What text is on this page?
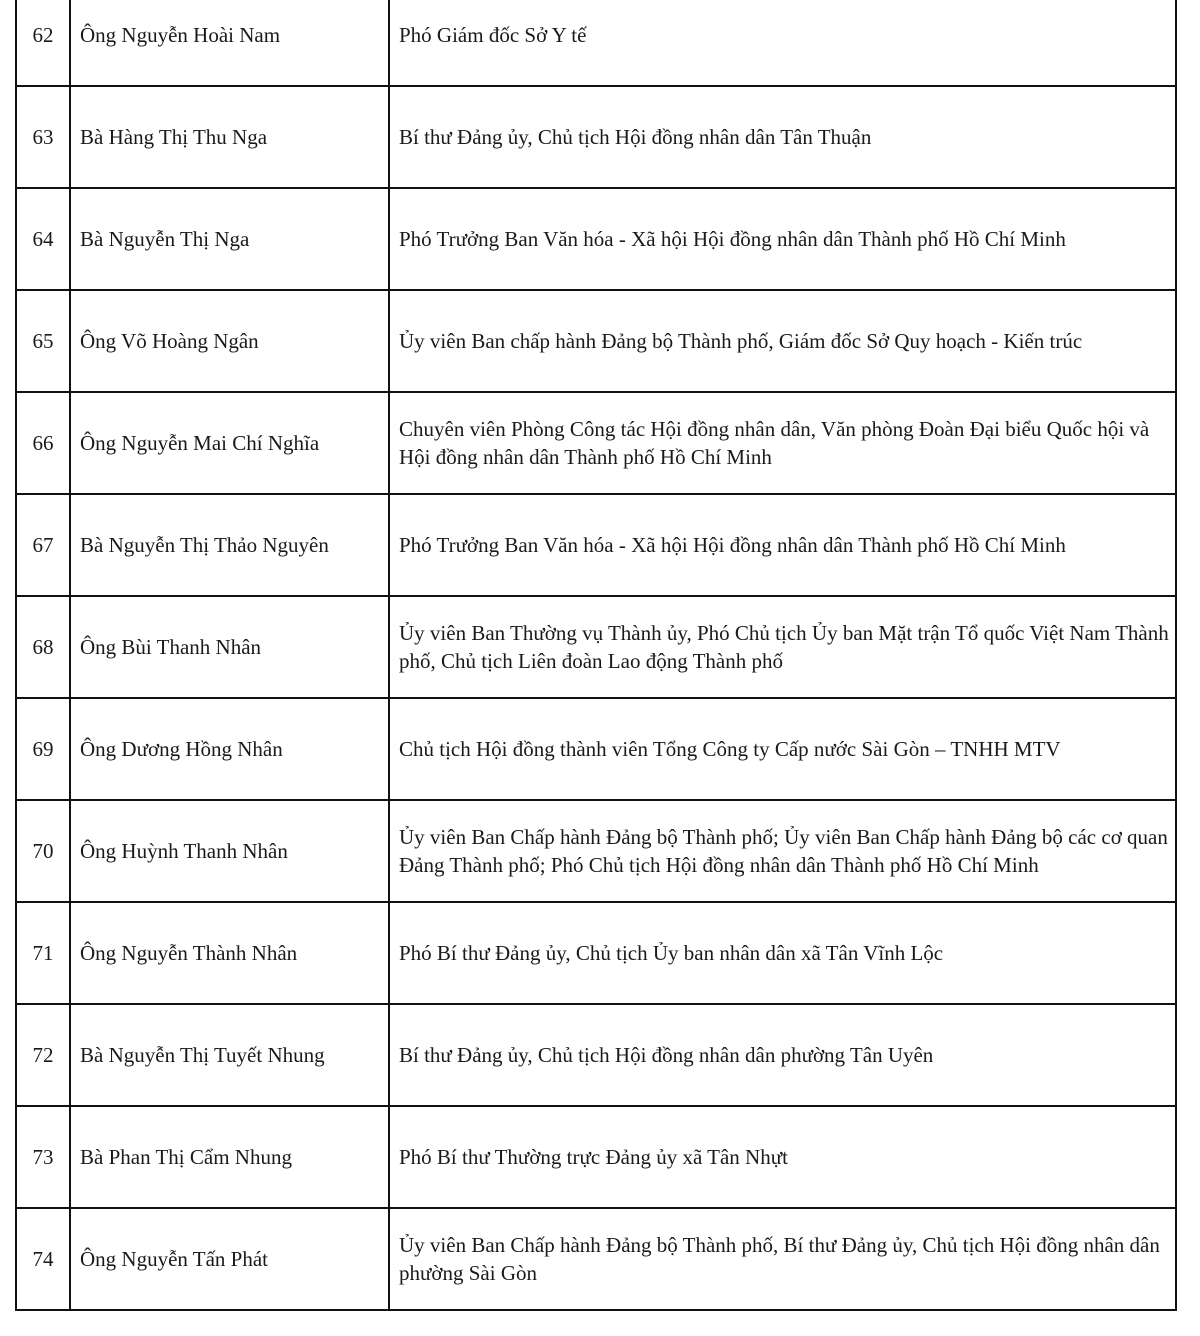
62	Ông Nguyễn Hoài Nam	Phó Giám đốc Sở Y tế
63	Bà Hàng Thị Thu Nga	Bí thư Đảng ủy, Chủ tịch Hội đồng nhân dân Tân Thuận
64	Bà Nguyễn Thị Nga	Phó Trưởng Ban Văn hóa - Xã hội Hội đồng nhân dân Thành phố Hồ Chí Minh
65	Ông Võ Hoàng Ngân	Ủy viên Ban chấp hành Đảng bộ Thành phố, Giám đốc Sở Quy hoạch - Kiến trúc
66	Ông Nguyễn Mai Chí Nghĩa	Chuyên viên Phòng Công tác Hội đồng nhân dân, Văn phòng Đoàn Đại biểu Quốc hội và Hội đồng nhân dân Thành phố Hồ Chí Minh
67	Bà Nguyễn Thị Thảo Nguyên	Phó Trưởng Ban Văn hóa - Xã hội Hội đồng nhân dân Thành phố Hồ Chí Minh
68	Ông Bùi Thanh Nhân	Ủy viên Ban Thường vụ Thành ủy, Phó Chủ tịch Ủy ban Mặt trận Tổ quốc Việt Nam Thành phố, Chủ tịch Liên đoàn Lao động Thành phố
69	Ông Dương Hồng Nhân	Chủ tịch Hội đồng thành viên Tổng Công ty Cấp nước Sài Gòn – TNHH MTV
70	Ông Huỳnh Thanh Nhân	Ủy viên Ban Chấp hành Đảng bộ Thành phố; Ủy viên Ban Chấp hành Đảng bộ các cơ quan Đảng Thành phố; Phó Chủ tịch Hội đồng nhân dân Thành phố Hồ Chí Minh
71	Ông Nguyễn Thành Nhân	Phó Bí thư Đảng ủy, Chủ tịch Ủy ban nhân dân xã Tân Vĩnh Lộc
72	Bà Nguyễn Thị Tuyết Nhung	Bí thư Đảng ủy, Chủ tịch Hội đồng nhân dân phường Tân Uyên
73	Bà Phan Thị Cẩm Nhung	Phó Bí thư Thường trực Đảng ủy xã Tân Nhựt
74	Ông Nguyễn Tấn Phát	Ủy viên Ban Chấp hành Đảng bộ Thành phố, Bí thư Đảng ủy, Chủ tịch Hội đồng nhân dân phường Sài Gòn
